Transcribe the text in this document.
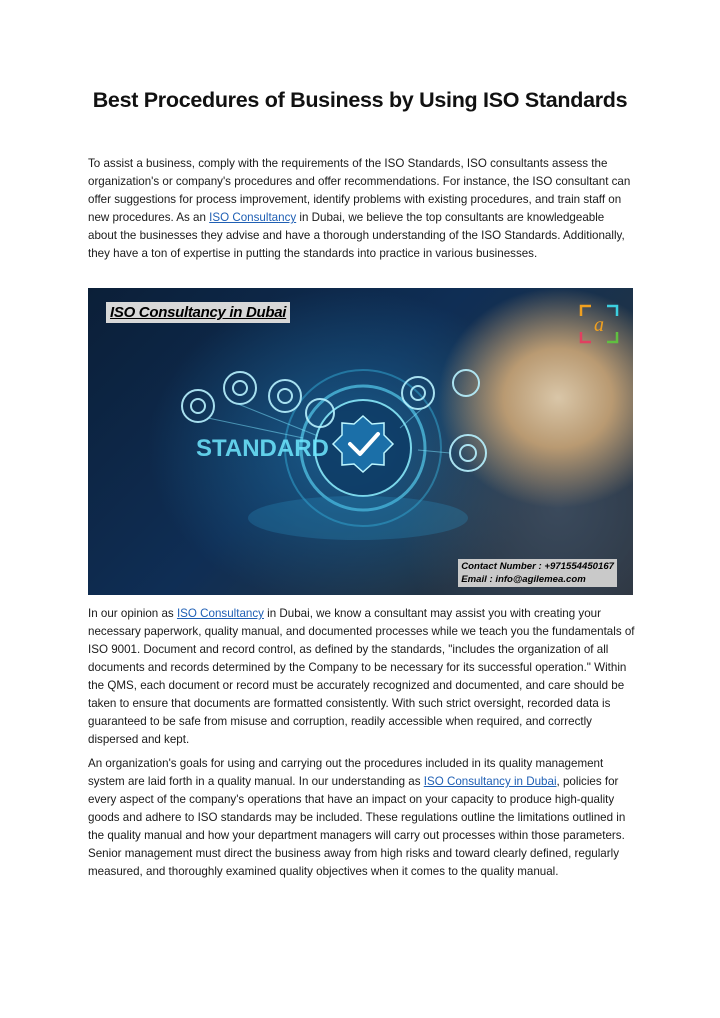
Best Procedures of Business by Using ISO Standards

To assist a business, comply with the requirements of the ISO Standards, ISO consultants assess the organization's or company's procedures and offer recommendations. For instance, the ISO consultant can offer suggestions for process improvement, identify problems with existing procedures, and train staff on new procedures. As an ISO Consultancy in Dubai, we believe the top consultants are knowledgeable about the businesses they advise and have a thorough understanding of the ISO Standards. Additionally, they have a ton of expertise in putting the standards into practice in various businesses.

STANDARD
ISO Consultancy in Dubai
a
Contact Number : +971554450167
Email : info@agilemea.com

In our opinion as ISO Consultancy in Dubai, we know a consultant may assist you with creating your necessary paperwork, quality manual, and documented processes while we teach you the fundamentals of ISO 9001. Document and record control, as defined by the standards, "includes the organization of all documents and records determined by the Company to be necessary for its successful operation." Within the QMS, each document or record must be accurately recognized and documented, and care should be taken to ensure that documents are formatted consistently. With such strict oversight, recorded data is guaranteed to be safe from misuse and corruption, readily accessible when required, and correctly dispersed and kept.

An organization's goals for using and carrying out the procedures included in its quality management system are laid forth in a quality manual. In our understanding as ISO Consultancy in Dubai, policies for every aspect of the company's operations that have an impact on your capacity to produce high-quality goods and adhere to ISO standards may be included. These regulations outline the limitations outlined in the quality manual and how your department managers will carry out processes within those parameters. Senior management must direct the business away from high risks and toward clearly defined, regularly measured, and thoroughly examined quality objectives when it comes to the quality manual.
